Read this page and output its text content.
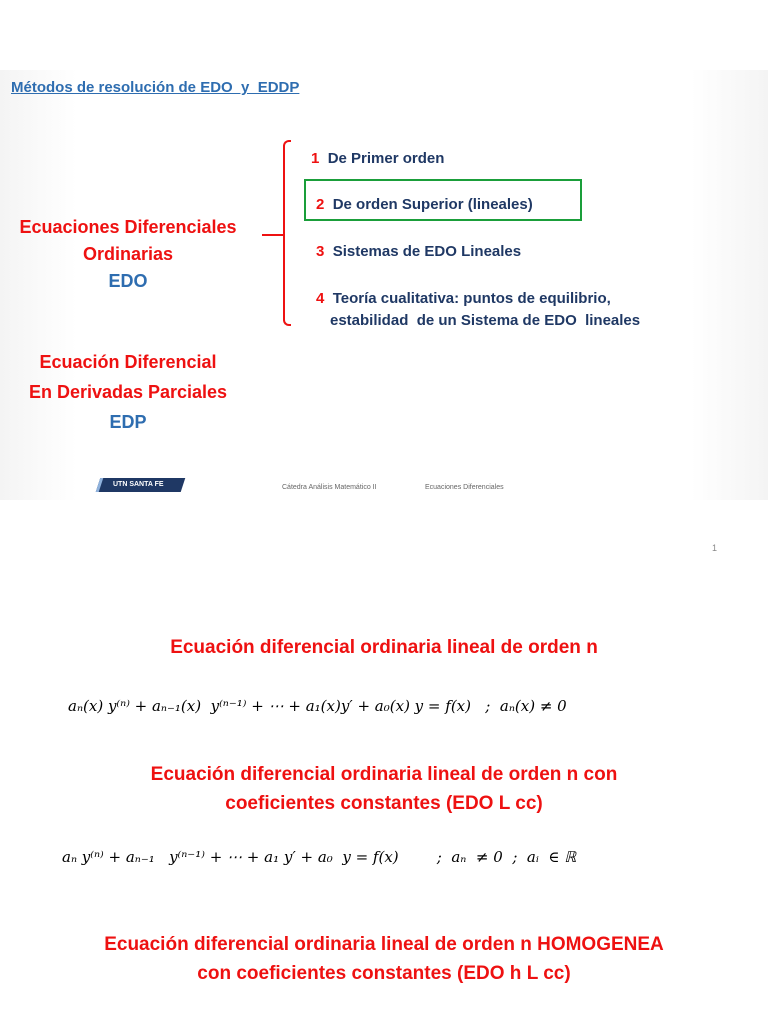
Métodos de resolución de EDO  y  EDDP
Ecuaciones Diferenciales
Ordinarias
EDO
1 De Primer orden
2 De orden Superior (lineales)
3 Sistemas de EDO Lineales
4 Teoría cualitativa: puntos de equilibrio,
estabilidad  de un Sistema de EDO  lineales
Ecuación Diferencial
En Derivadas Parciales
EDP
UTN SANTA FE	Cátedra Análisis Matemático II	Ecuaciones Diferenciales
1
Ecuación diferencial ordinaria lineal de orden n
aₙ(x) y⁽ⁿ⁾ + aₙ₋₁(x)  y⁽ⁿ⁻¹⁾ + ⋯ + a₁(x)y′ + a₀(x) y = f(x)   ;  aₙ(x) ≠ 0
Ecuación diferencial ordinaria lineal de orden n con
coeficientes constantes (EDO L cc)
aₙ y⁽ⁿ⁾ + aₙ₋₁   y⁽ⁿ⁻¹⁾ + ⋯ + a₁ y′ + a₀  y = f(x)        ;  aₙ  ≠ 0  ;  aᵢ  ∈ ℝ
Ecuación diferencial ordinaria lineal de orden n HOMOGENEA
con coeficientes constantes (EDO h L cc)
